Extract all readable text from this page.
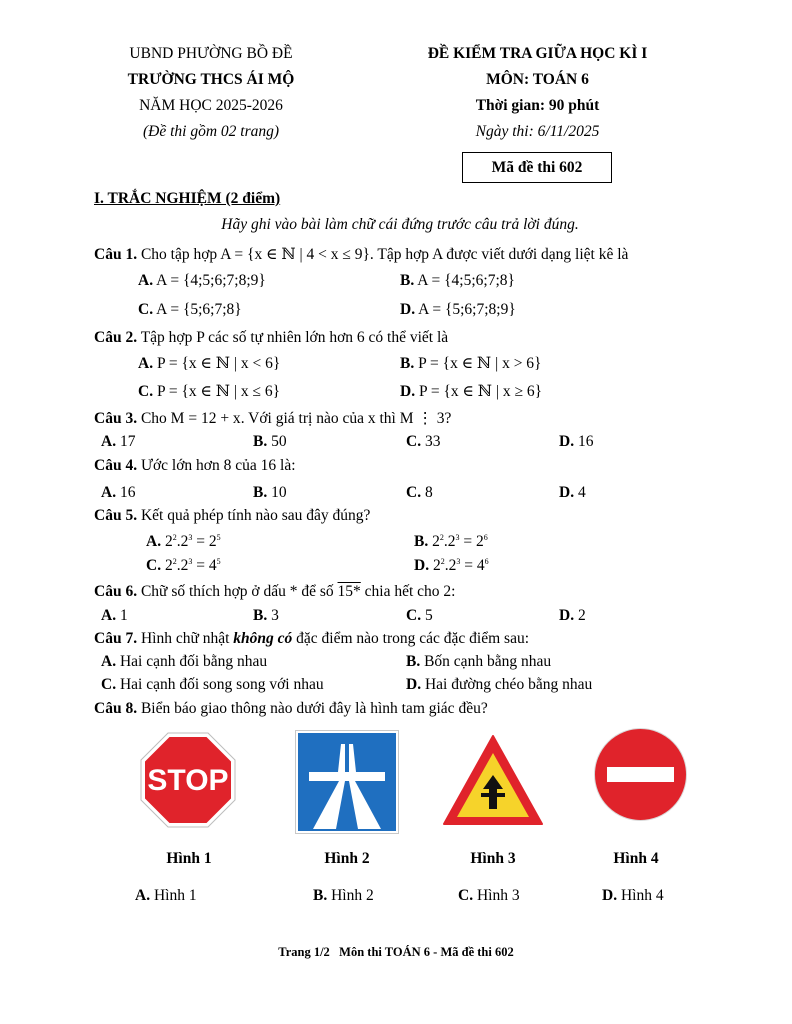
UBND PHƯỜNG BỒ ĐỀ
TRƯỜNG THCS ÁI MỘ
NĂM HỌC 2025-2026
(Đề thi gồm 02 trang)
ĐỀ KIỂM TRA GIỮA HỌC KÌ I
MÔN: TOÁN 6
Thời gian: 90 phút
Ngày thi: 6/11/2025
Mã đề thi 602
I. TRẮC NGHIỆM (2 điểm)
Hãy ghi vào bài làm chữ cái đứng trước câu trả lời đúng.
Câu 1. Cho tập hợp A = {x ∈ ℕ | 4 < x ≤ 9}. Tập hợp A được viết dưới dạng liệt kê là
A. A = {4;5;6;7;8;9}	B. A = {4;5;6;7;8}
C. A = {5;6;7;8}	D. A = {5;6;7;8;9}
Câu 2. Tập hợp P các số tự nhiên lớn hơn 6 có thể viết là
A. P = {x ∈ ℕ | x < 6}	B. P = {x ∈ ℕ | x > 6}
C. P = {x ∈ ℕ | x ≤ 6}	D. P = {x ∈ ℕ | x ≥ 6}
Câu 3. Cho M = 12 + x. Với giá trị nào của x thì M ⋮ 3?
A. 17	B. 50	C. 33	D. 16
Câu 4. Ước lớn hơn 8 của 16 là:
A. 16	B. 10	C. 8	D. 4
Câu 5. Kết quả phép tính nào sau đây đúng?
A. $2^2.2^3 = 2^5$	B. $2^2.2^3 = 2^6$
C. $2^2.2^3 = 4^5$	D. $2^2.2^3 = 4^6$
Câu 6. Chữ số thích hợp ở dấu * để số 15* chia hết cho 2:
A. 1	B. 3	C. 5	D. 2
Câu 7. Hình chữ nhật không có đặc điểm nào trong các đặc điểm sau:
A. Hai cạnh đối bằng nhau	B. Bốn cạnh bằng nhau
C. Hai cạnh đối song song với nhau	D. Hai đường chéo bằng nhau
Câu 8. Biển báo giao thông nào dưới đây là hình tam giác đều?
STOP
Hình 1	Hình 2	Hình 3	Hình 4
A. Hình 1	B. Hình 2	C. Hình 3	D. Hình 4
Trang 1/2   Môn thi TOÁN 6 - Mã đề thi 602
